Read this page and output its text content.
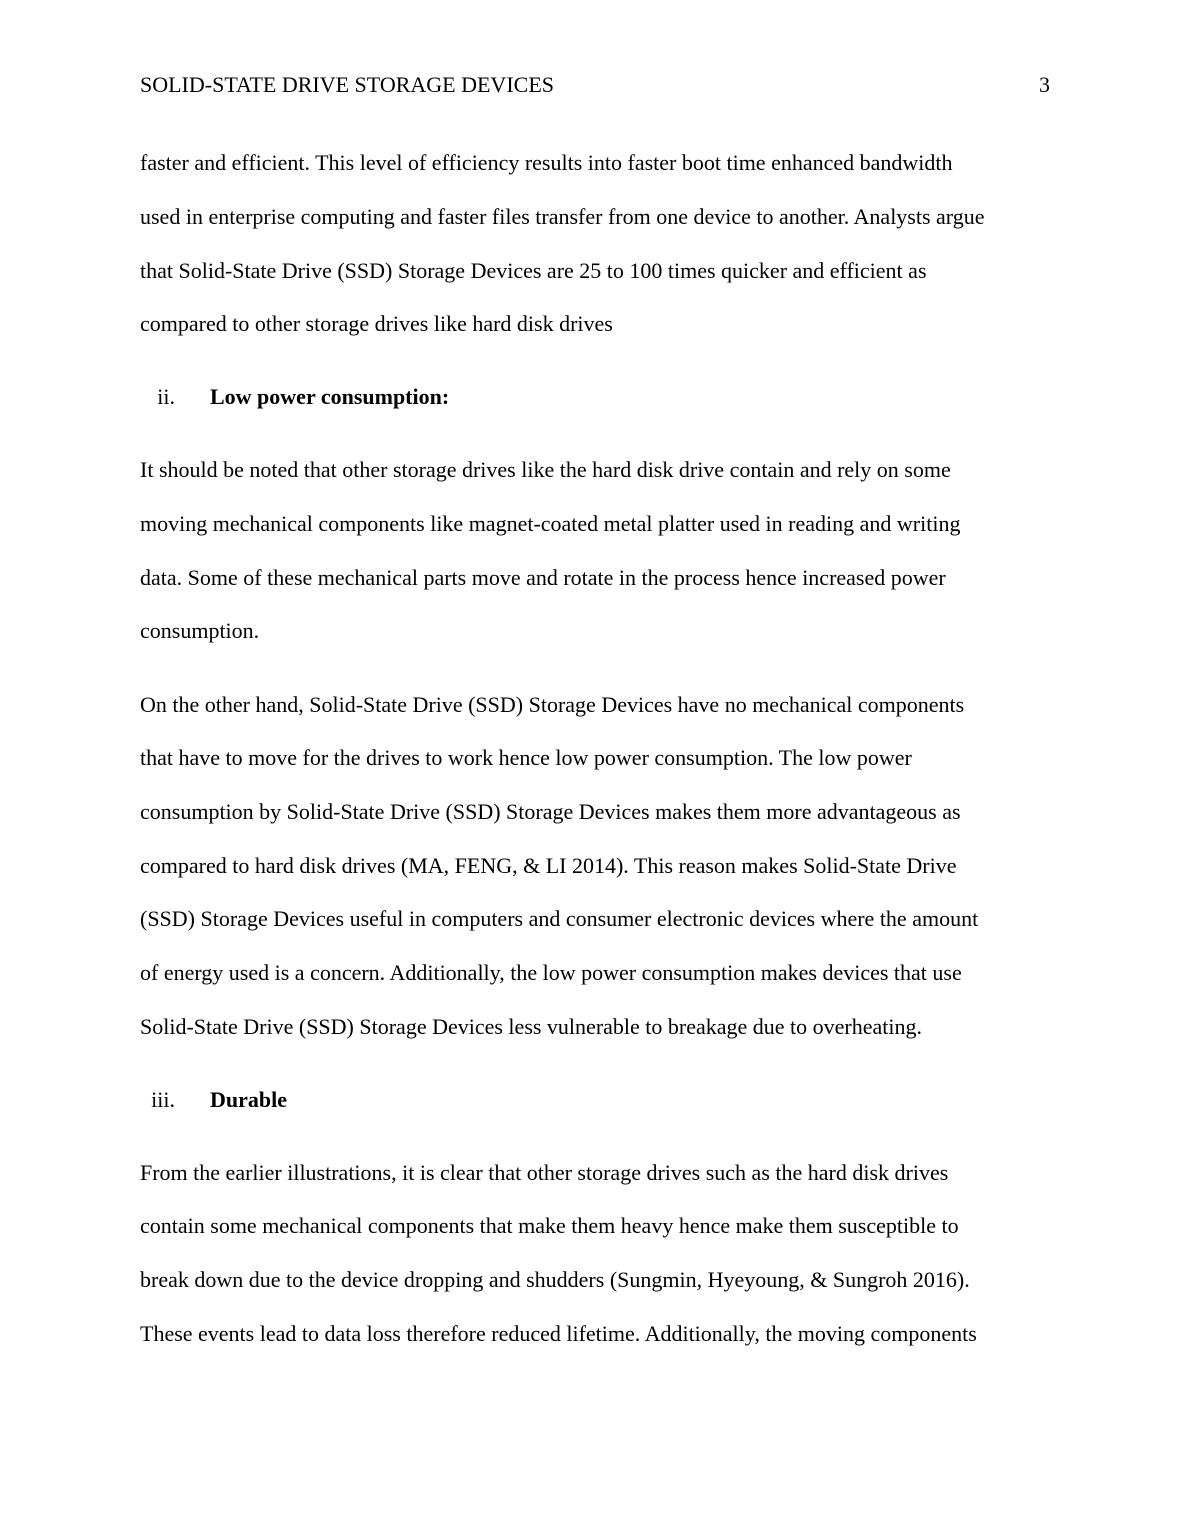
SOLID-STATE DRIVE STORAGE DEVICES	3
faster and efficient. This level of efficiency results into faster boot time enhanced bandwidth
used in enterprise computing and faster files transfer from one device to another. Analysts argue
that Solid-State Drive (SSD) Storage Devices are 25 to 100 times quicker and efficient as
compared to other storage drives like hard disk drives
ii. Low power consumption:
It should be noted that other storage drives like the hard disk drive contain and rely on some
moving mechanical components like magnet-coated metal platter used in reading and writing
data. Some of these mechanical parts move and rotate in the process hence increased power
consumption.
On the other hand, Solid-State Drive (SSD) Storage Devices have no mechanical components
that have to move for the drives to work hence low power consumption. The low power
consumption by Solid-State Drive (SSD) Storage Devices makes them more advantageous as
compared to hard disk drives (MA, FENG, & LI 2014). This reason makes Solid-State Drive
(SSD) Storage Devices useful in computers and consumer electronic devices where the amount
of energy used is a concern. Additionally, the low power consumption makes devices that use
Solid-State Drive (SSD) Storage Devices less vulnerable to breakage due to overheating.
iii. Durable
From the earlier illustrations, it is clear that other storage drives such as the hard disk drives
contain some mechanical components that make them heavy hence make them susceptible to
break down due to the device dropping and shudders (Sungmin, Hyeyoung, & Sungroh 2016).
These events lead to data loss therefore reduced lifetime. Additionally, the moving components
